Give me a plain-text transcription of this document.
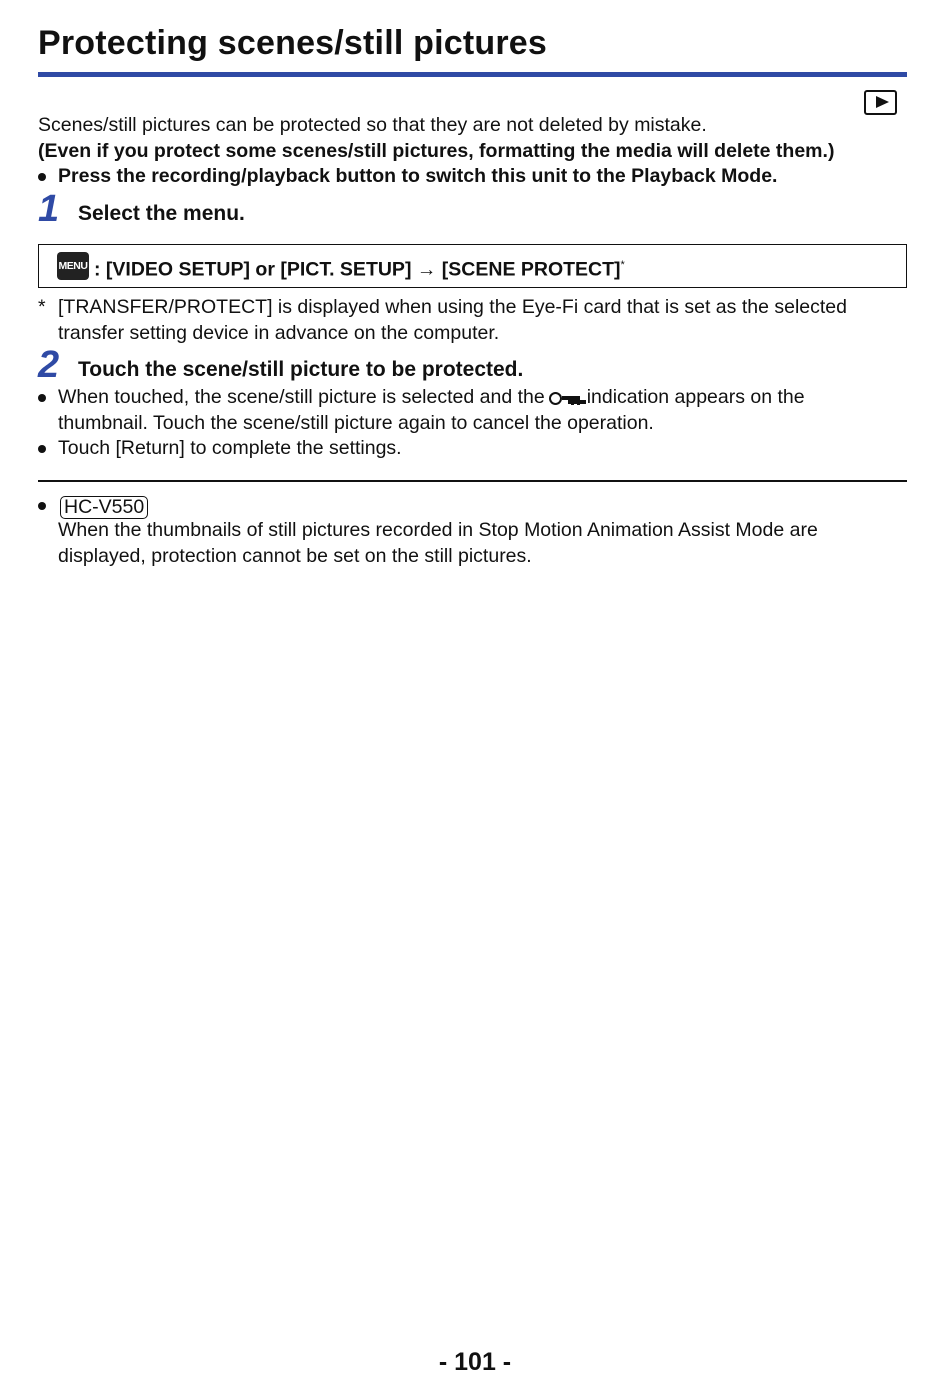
Protecting scenes/still pictures
Scenes/still pictures can be protected so that they are not deleted by mistake.
(Even if you protect some scenes/still pictures, formatting the media will delete them.)
Press the recording/playback button to switch this unit to the Playback Mode.
1 Select the menu.
MENU : [VIDEO SETUP] or [PICT. SETUP] → [SCENE PROTECT]*
* [TRANSFER/PROTECT] is displayed when using the Eye-Fi card that is set as the selected
transfer setting device in advance on the computer.
2 Touch the scene/still picture to be protected.
When touched, the scene/still picture is selected and the indication appears on the
thumbnail. Touch the scene/still picture again to cancel the operation.
Touch [Return] to complete the settings.
HC-V550
When the thumbnails of still pictures recorded in Stop Motion Animation Assist Mode are
displayed, protection cannot be set on the still pictures.
- 101 -
